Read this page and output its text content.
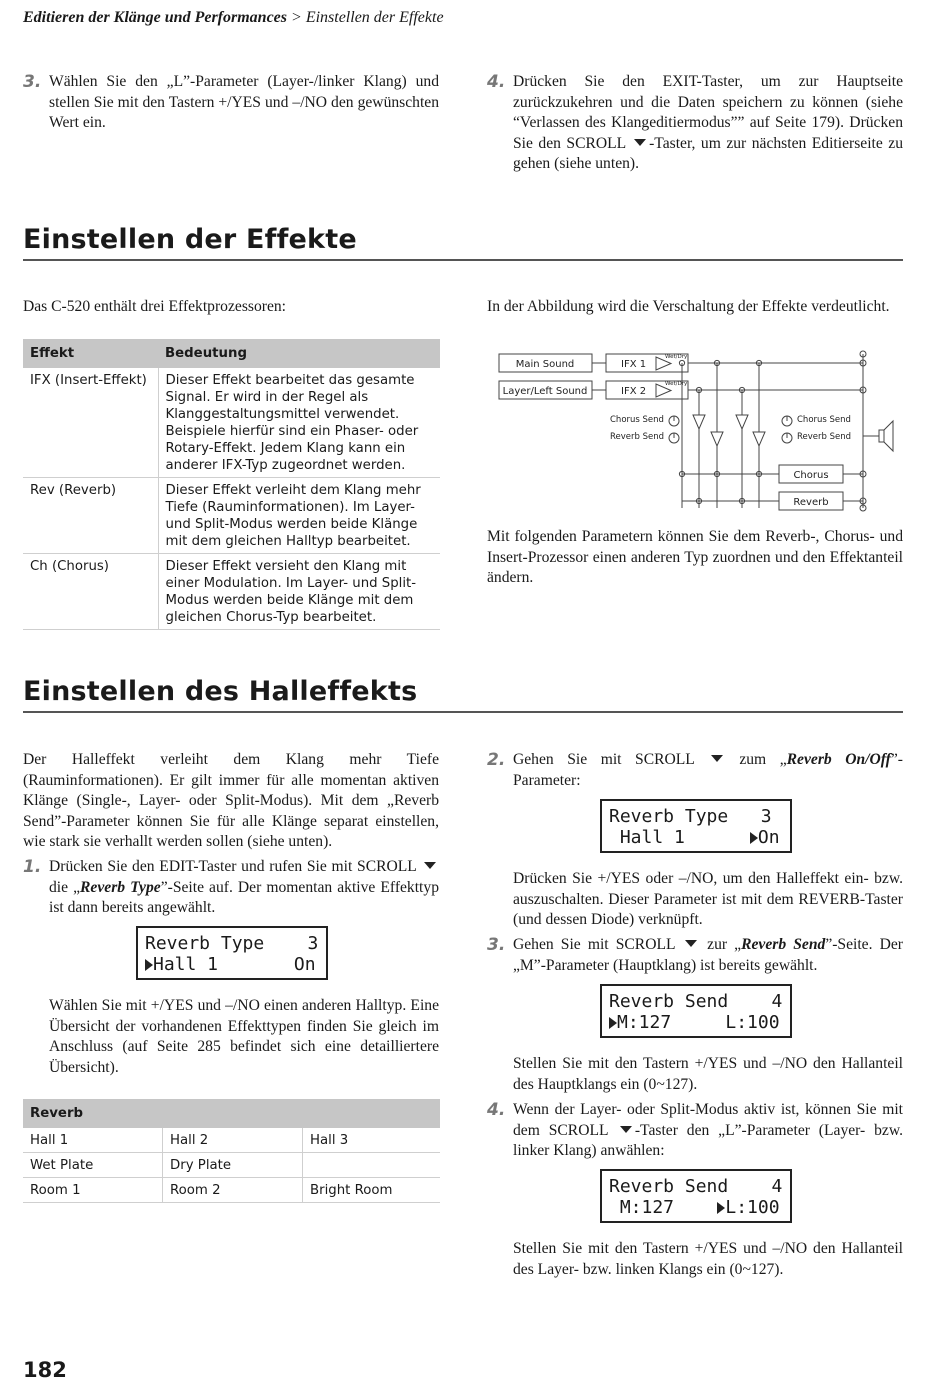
Editieren der Klänge und Performances > Einstellen der Effekte
3. Wählen Sie den „L”-Parameter (Layer-/linker Klang) und stellen Sie mit den Tastern +/YES und –/NO den gewünschten Wert ein.

4. Drücken Sie den EXIT-Taster, um zur Hauptseite zurückzukehren und die Daten speichern zu können (siehe “Verlassen des Klangeditiermodus”” auf Seite 179). Drücken Sie den SCROLL -Taster, um zur nächsten Editierseite zu gehen (siehe unten).

Einstellen der Effekte

Das C-520 enthält drei Effektprozessoren:

Effekt	Bedeutung
IFX (Insert-Effekt)	Dieser Effekt bearbeitet das gesamte Signal. Er wird in der Regel als Klanggestaltungsmittel verwendet. Beispiele hierfür sind ein Phaser- oder Rotary-Effekt. Jedem Klang kann ein anderer IFX-Typ zugeordnet werden.
Rev (Reverb)	Dieser Effekt verleiht dem Klang mehr Tiefe (Rauminformationen). Im Layer- und Split-Modus werden beide Klänge mit dem gleichen Halltyp bearbeitet.
Ch (Chorus)	Dieser Effekt versieht den Klang mit einer Modulation. Im Layer- und Split-Modus werden beide Klänge mit dem gleichen Chorus-Typ bearbeitet.

In der Abbildung wird die Verschaltung der Effekte verdeutlicht.

Main Sound
Layer/Left Sound
IFX 1
IFX 2
Wet/Dry
Wet/Dry
Chorus Send
Reverb Send
Chorus Send
Reverb Send
Chorus
Reverb

Mit folgenden Parametern können Sie dem Reverb-, Chorus- und Insert-Prozessor einen anderen Typ zuordnen und den Effektanteil ändern.

Einstellen des Halleffekts

Der Halleffekt verleiht dem Klang mehr Tiefe (Rauminformationen). Er gilt immer für alle momentan aktiven Klänge (Single-, Layer- oder Split-Modus). Mit dem „Reverb Send”-Parameter können Sie für alle Klänge separat einstellen, wie stark sie verhallt werden sollen (siehe unten).

1. Drücken Sie den EDIT-Taster und rufen Sie mit SCROLL  die „Reverb Type”-Seite auf. Der momentan aktive Effekttyp ist dann bereits angewählt.

Reverb Type    3
Hall 1       On

Wählen Sie mit +/YES und –/NO einen anderen Halltyp. Eine Übersicht der vorhandenen Effekttypen finden Sie gleich im Anschluss (auf Seite 285 befindet sich eine detailliertere Übersicht).

Reverb		
Hall 1	Hall 2	Hall 3
Wet Plate	Dry Plate	
Room 1	Room 2	Bright Room
2. Gehen Sie mit SCROLL  zum „Reverb On/Off”-Parameter:

Reverb Type   3
Hall 1      On

Drücken Sie +/YES oder –/NO, um den Halleffekt ein- bzw. auszuschalten. Dieser Parameter ist mit dem REVERB-Taster (und dessen Diode) verknüpft.

3. Gehen Sie mit SCROLL  zur „Reverb Send”-Seite. Der „M”-Parameter (Hauptklang) ist bereits gewählt.

Reverb Send    4
M:127     L:100

Stellen Sie mit den Tastern +/YES und –/NO den Hallanteil des Hauptklangs ein (0~127).

4. Wenn der Layer- oder Split-Modus aktiv ist, können Sie mit dem SCROLL -Taster den „L”-Parameter (Layer- bzw. linker Klang) anwählen:

Reverb Send    4
M:127    L:100

Stellen Sie mit den Tastern +/YES und –/NO den Hallanteil des Layer- bzw. linken Klangs ein (0~127).

182
